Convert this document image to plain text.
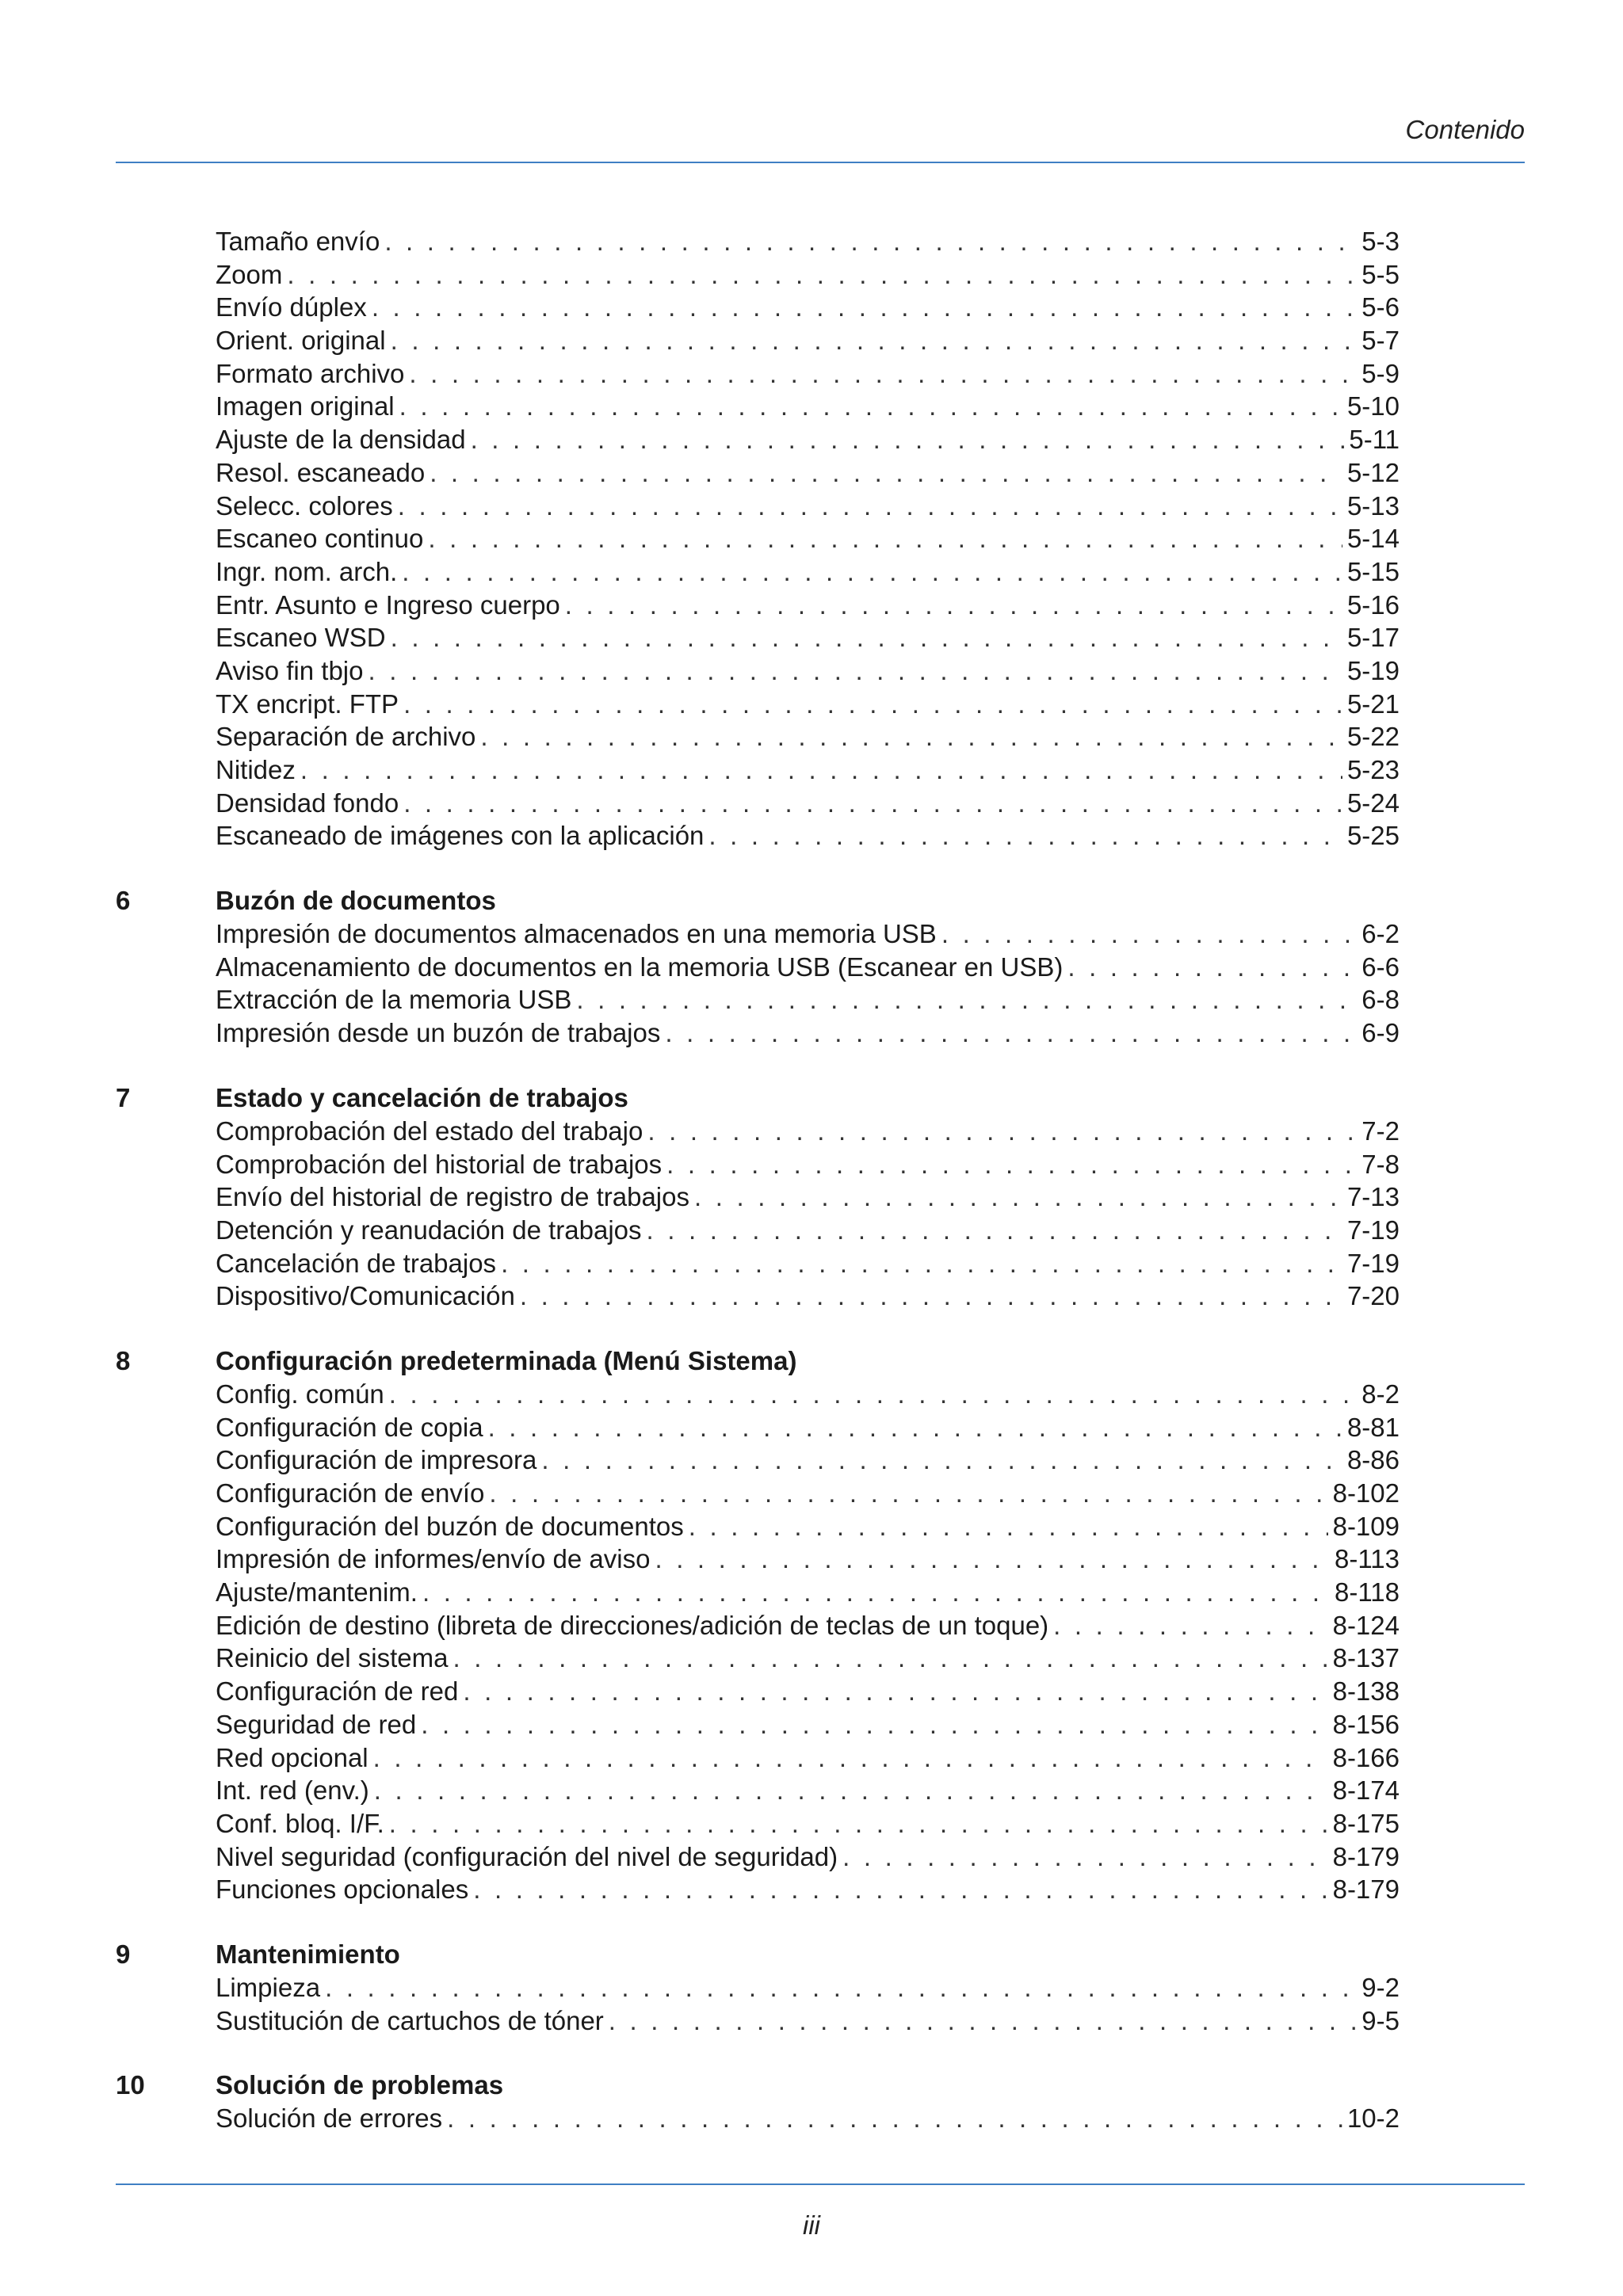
Contenido
Tamaño envío . . .	5-3
Zoom . . .	5-5
Envío dúplex . . .	5-6
Orient. original . . .	5-7
Formato archivo . . .	5-9
Imagen original . . .	5-10
Ajuste de la densidad . . .	5-11
Resol. escaneado . . .	5-12
Selecc. colores . . .	5-13
Escaneo continuo . . .	5-14
Ingr. nom. arch. . . .	5-15
Entr. Asunto e Ingreso cuerpo . . .	5-16
Escaneo WSD . . .	5-17
Aviso fin tbjo . . .	5-19
TX encript. FTP . . .	5-21
Separación de archivo . . .	5-22
Nitidez . . .	5-23
Densidad fondo . . .	5-24
Escaneado de imágenes con la aplicación . . .	5-25
6	Buzón de documentos
Impresión de documentos almacenados en una memoria USB . . .	6-2
Almacenamiento de documentos en la memoria USB (Escanear en USB) . . .	6-6
Extracción de la memoria USB . . .	6-8
Impresión desde un buzón de trabajos . . .	6-9
7	Estado y cancelación de trabajos
Comprobación del estado del trabajo . . .	7-2
Comprobación del historial de trabajos . . .	7-8
Envío del historial de registro de trabajos . . .	7-13
Detención y reanudación de trabajos . . .	7-19
Cancelación de trabajos . . .	7-19
Dispositivo/Comunicación . . .	7-20
8	Configuración predeterminada (Menú Sistema)
Config. común . . .	8-2
Configuración de copia . . .	8-81
Configuración de impresora . . .	8-86
Configuración de envío . . .	8-102
Configuración del buzón de documentos . . .	8-109
Impresión de informes/envío de aviso . . .	8-113
Ajuste/mantenim. . . .	8-118
Edición de destino (libreta de direcciones/adición de teclas de un toque) . . .	8-124
Reinicio del sistema . . .	8-137
Configuración de red . . .	8-138
Seguridad de red . . .	8-156
Red opcional . . .	8-166
Int. red (env.) . . .	8-174
Conf. bloq. I/F. . . .	8-175
Nivel seguridad (configuración del nivel de seguridad) . . .	8-179
Funciones opcionales . . .	8-179
9	Mantenimiento
Limpieza . . .	9-2
Sustitución de cartuchos de tóner . . .	9-5
10	Solución de problemas
Solución de errores . . .	10-2
iii
